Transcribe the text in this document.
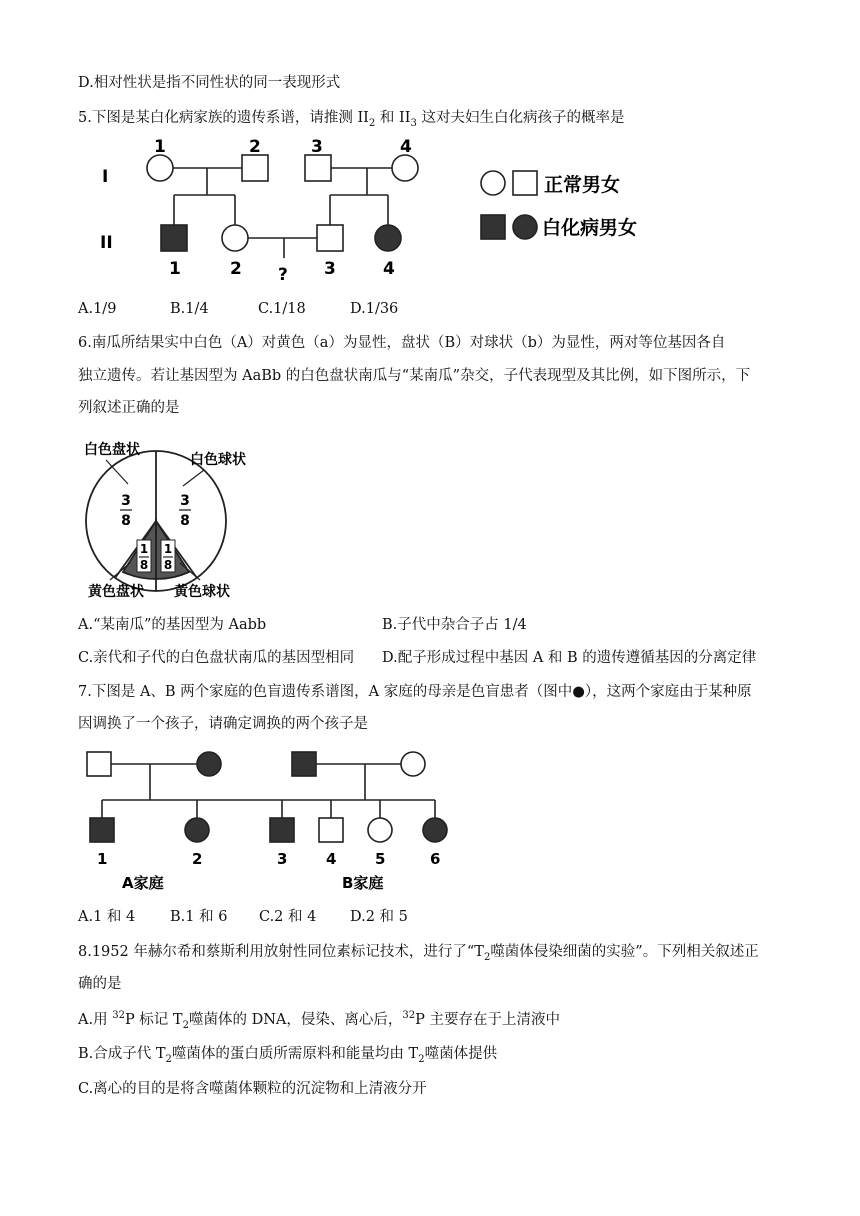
D.相对性状是指不同性状的同一表现形式
5.下图是某白化病家族的遗传系谱，请推测 $II_2$ 和 $II_3$ 这对夫妇生白化病孩子的概率是
I
II
1	2	3	4
1	2 ? 3	4
正常男女
白化病男女
A.1/9	B.1/4	C.1/18	D.1/36
6.南瓜所结果实中白色（A）对黄色（a）为显性，盘状（B）对球状（b）为显性，两对等位基因各自
独立遗传。若让基因型为 AaBb 的白色盘状南瓜与“某南瓜”杂交，子代表现型及其比例，如下图所示，下
列叙述正确的是
3
8
3
8
1
8
1
8
白色盘状
白色球状
黄色盘状 黄色球状
A.“某南瓜”的基因型为 Aabb	B.子代中杂合子占 1/4
C.亲代和子代的白色盘状南瓜的基因型相同 D.配子形成过程中基因 A 和 B 的遗传遵循基因的分离定律
7.下图是 A、B 两个家庭的色盲遗传系谱图，A 家庭的母亲是色盲患者（图中●），这两个家庭由于某种原
因调换了一个孩子，请确定调换的两个孩子是
1	2	3	4	5	6
A家庭	B家庭
A.1 和 4 B.1 和 6 C.2 和 4 D.2 和 5
8.1952 年赫尔希和蔡斯利用放射性同位素标记技术，进行了“$T_2$噬菌体侵染细菌的实验”。下列相关叙述正
确的是
A.用 $^{32}$P 标记 $T_2$噬菌体的 DNA，侵染、离心后，$^{32}$P 主要存在于上清液中
B.合成子代 $T_2$噬菌体的蛋白质所需原料和能量均由 $T_2$噬菌体提供
C.离心的目的是将含噬菌体颗粒的沉淀物和上清液分开
